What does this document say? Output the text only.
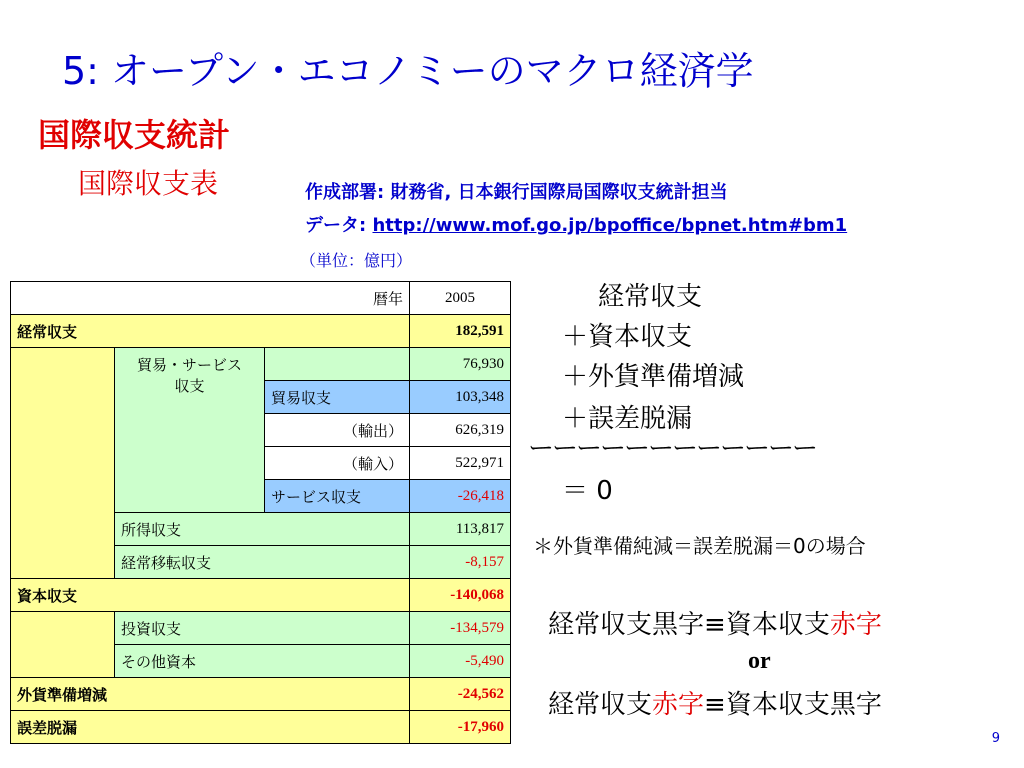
5: オープン・エコノミーのマクロ経済学
国際収支統計
国際収支表	作成部署: 財務省, 日本銀行国際局国際収支統計担当
データ: http://www.mof.go.jp/bpoffice/bpnet.htm#bm1
（単位：億円）
暦年			2005
経常収支			182,591

	貿易・サービス
収支		76,930
		貿易収支	103,348
		（輸出）	626,319
		（輸入）	522,971
		サービス収支	-26,418
	所得収支		113,817
	経常移転収支		-8,157
資本収支			-140,068
	投資収支		-134,579
	その他資本		-5,490
外貨準備増減			-24,562
誤差脱漏			-17,960
経常収支
＋資本収支
＋外貨準備増減
＋誤差脱漏
ーーーーーーーーーーーー
＝ 0
＊外貨準備純減＝誤差脱漏＝0の場合
経常収支黒字≡資本収支赤字
or
経常収支赤字≡資本収支黒字
9
